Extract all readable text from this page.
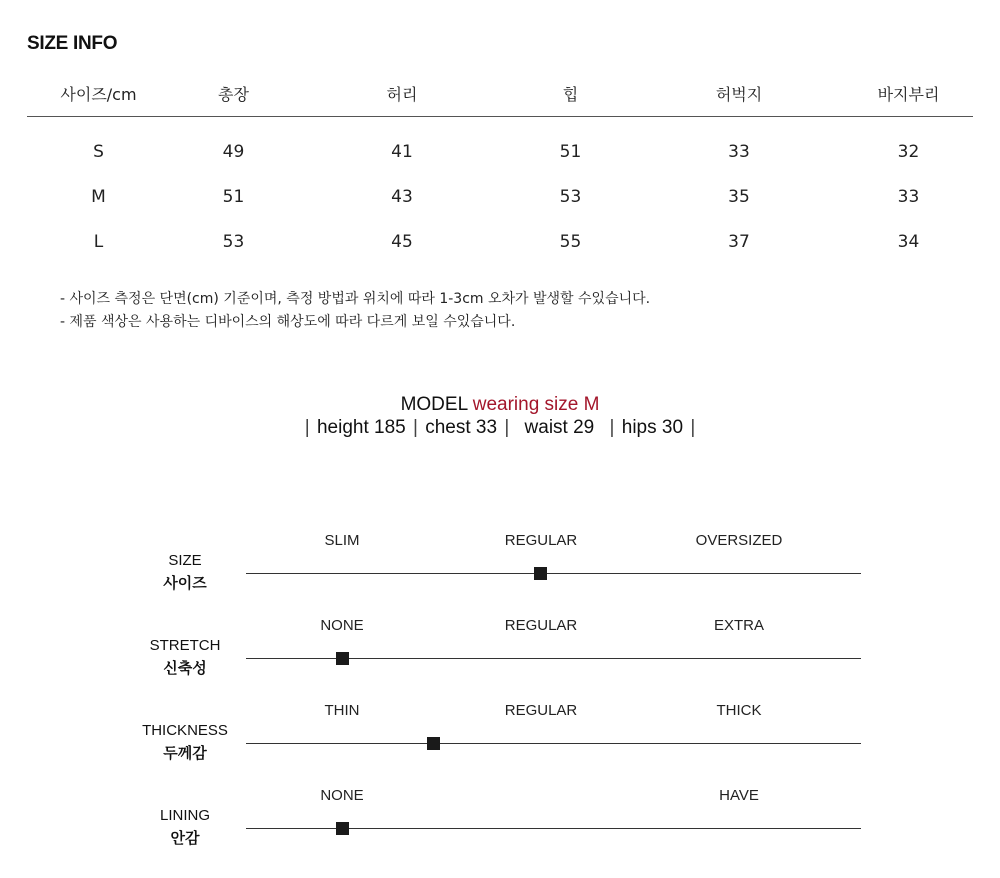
SIZE INFO
사이즈/cm	총장	허리	힙	허벅지	바지부리
S	49	41	51	33	32
M	51	43	53	35	33
L	53	45	55	37	34
- 사이즈 측정은 단면(cm) 기준이며, 측정 방법과 위치에 따라 1-3cm 오차가 발생할 수있습니다.
- 제품 색상은 사용하는 디바이스의 해상도에 따라 다르게 보일 수있습니다.
MODEL wearing size M
| height 185 | chest 33 | waist 29 | hips 30 |
SIZE
사이즈
SLIM	REGULAR	OVERSIZED
STRETCH
신축성
NONE	REGULAR	EXTRA
THICKNESS
두께감
THIN	REGULAR	THICK
LINING
안감
NONE	HAVE
